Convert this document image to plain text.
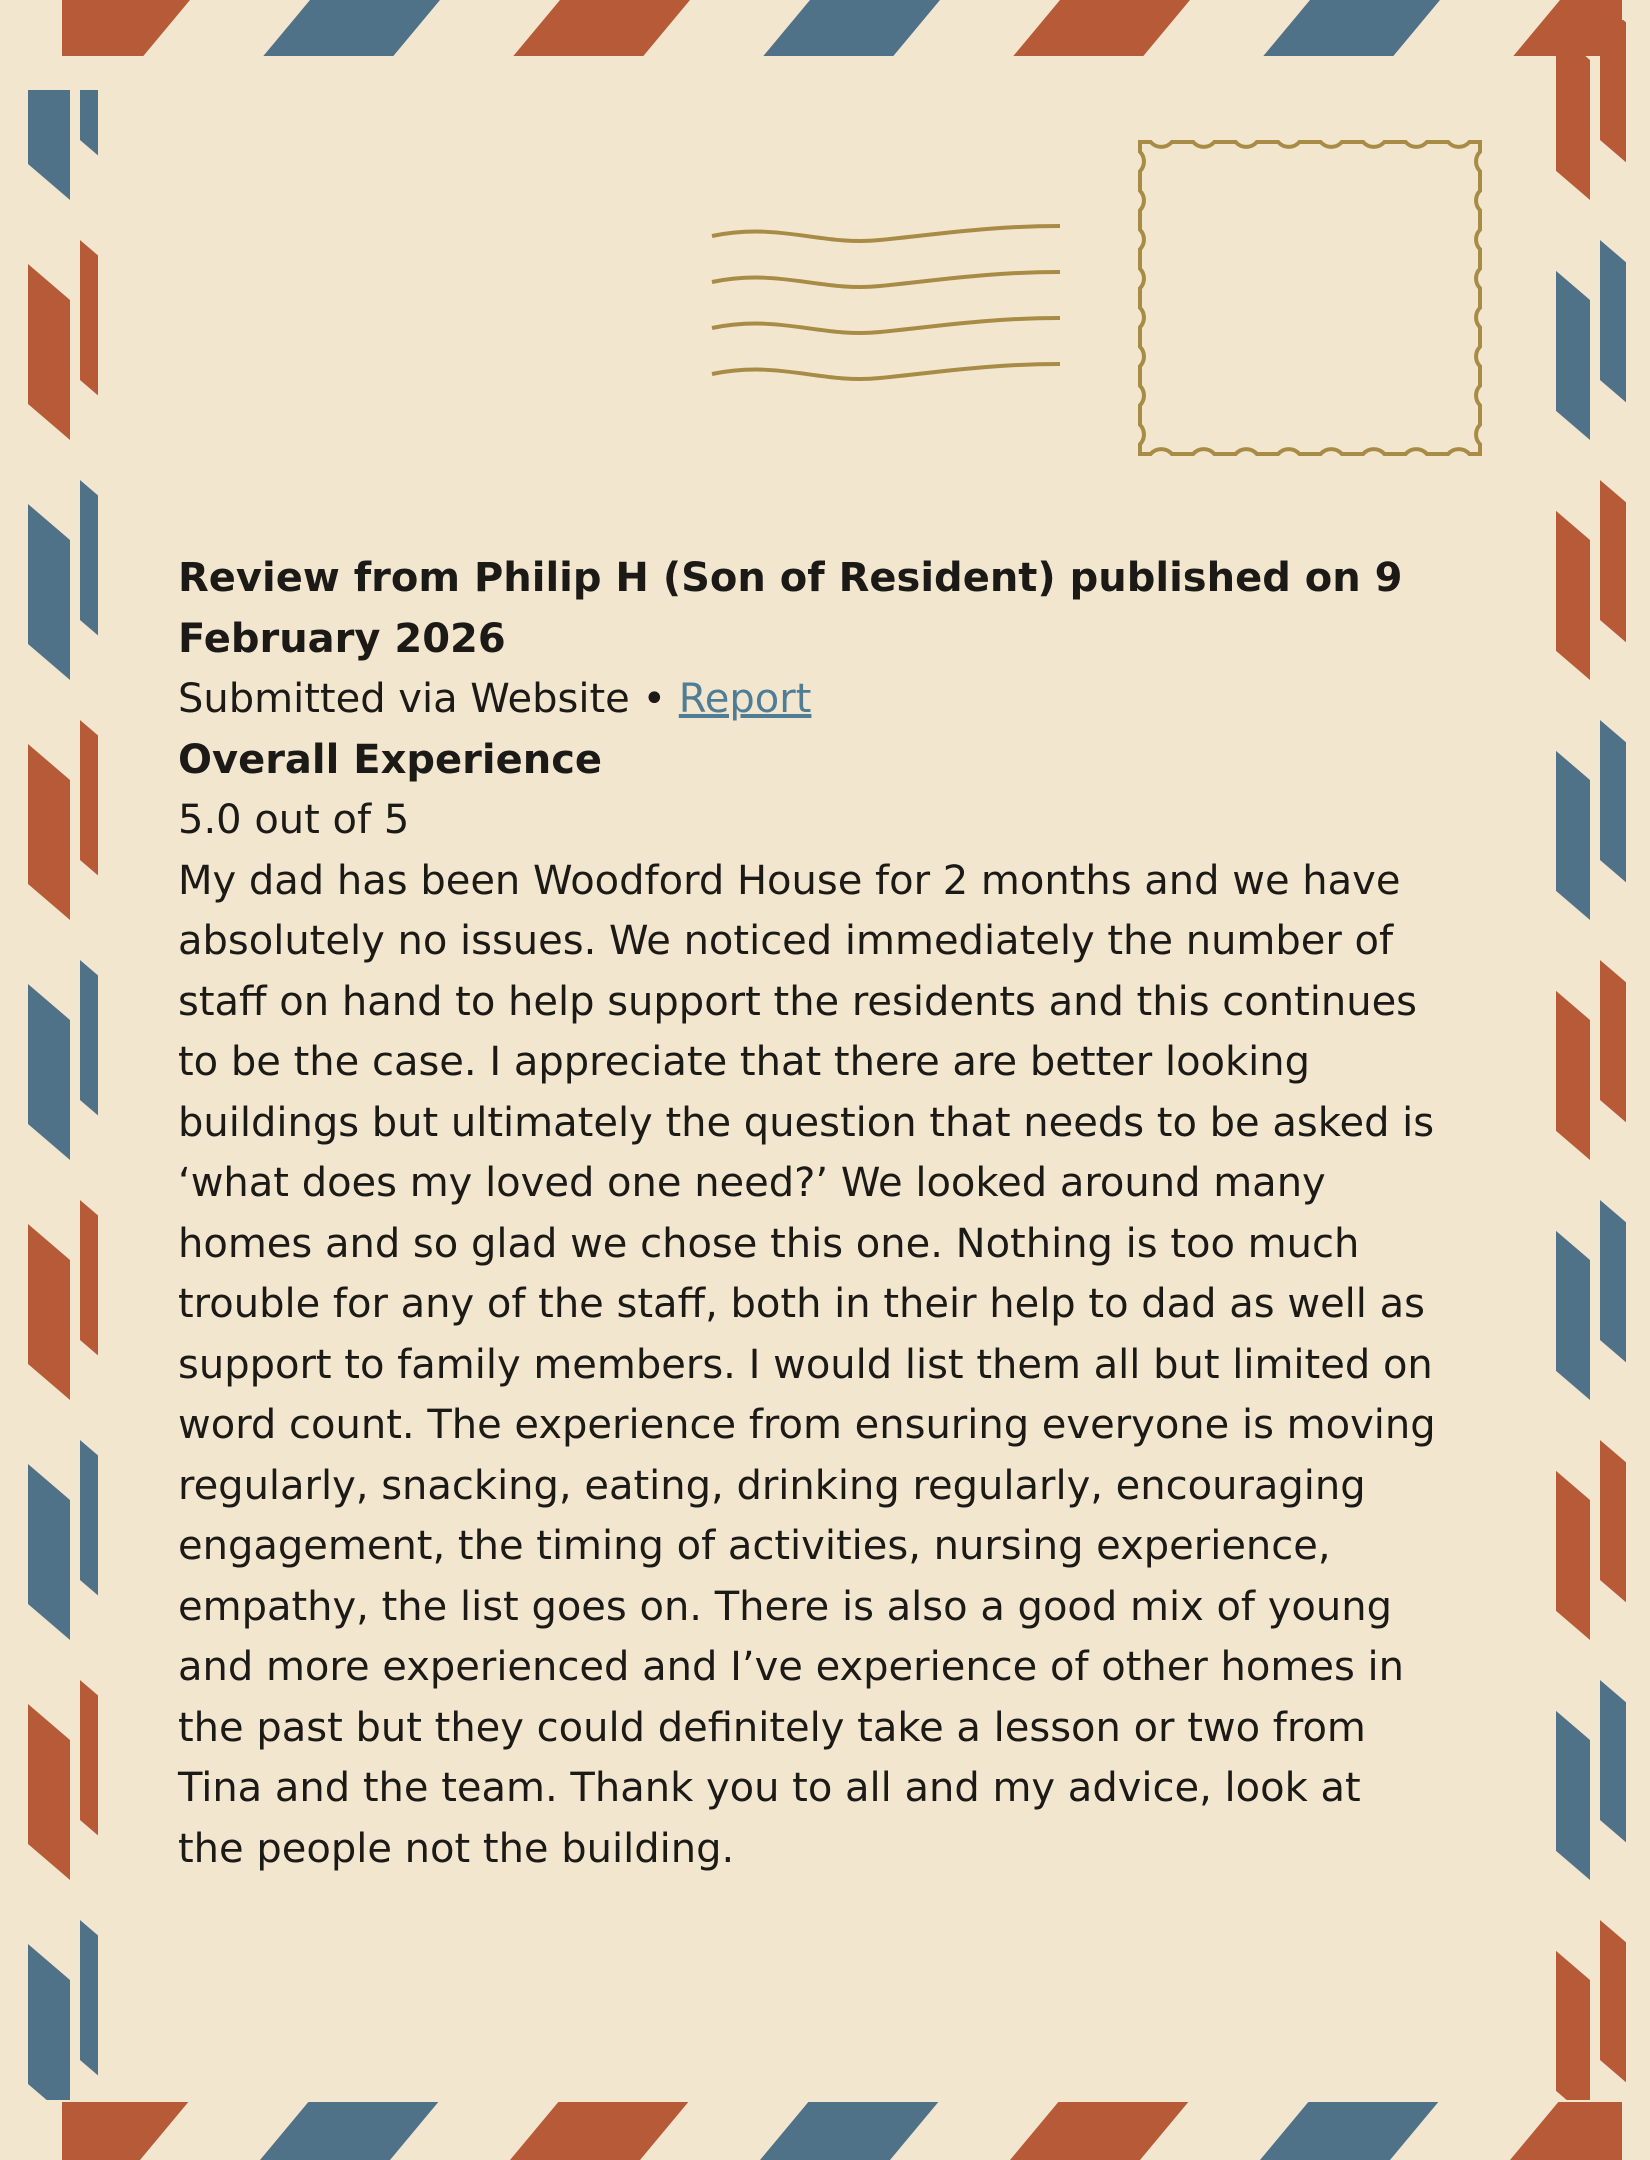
Review from Philip H (Son of Resident) published on 9 February 2026

Submitted via Website • Report

Overall Experience

5.0 out of 5

My dad has been Woodford House for 2 months and we have absolutely no issues. We noticed immediately the number of staff on hand to help support the residents and this continues to be the case. I appreciate that there are better looking buildings but ultimately the question that needs to be asked is ‘what does my loved one need?’ We looked around many homes and so glad we chose this one. Nothing is too much trouble for any of the staff, both in their help to dad as well as support to family members. I would list them all but limited on word count. The experience from ensuring everyone is moving regularly, snacking, eating, drinking regularly, encouraging engagement, the timing of activities, nursing experience, empathy, the list goes on. There is also a good mix of young and more experienced and I’ve experience of other homes in the past but they could definitely take a lesson or two from Tina and the team. Thank you to all and my advice, look at the people not the building.
